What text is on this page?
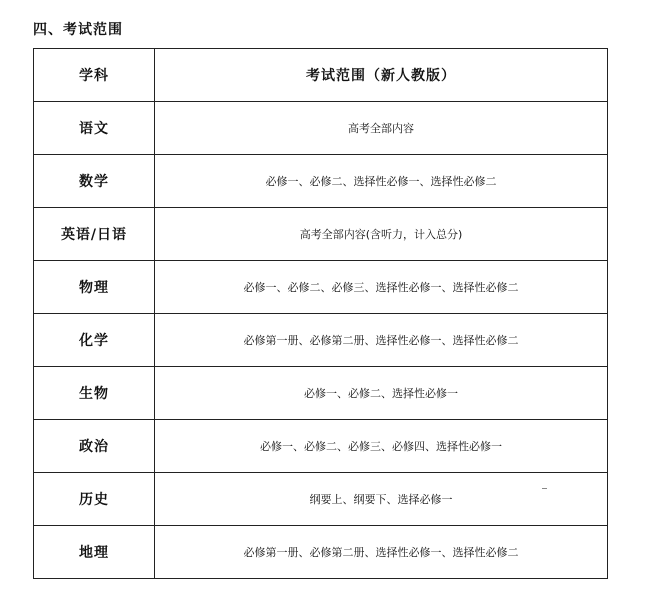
四、考试范围
学科	考试范围（新人教版）
语文	高考全部内容
数学	必修一、必修二、选择性必修一、选择性必修二
英语/日语	高考全部内容(含听力，计入总分)
物理	必修一、必修二、必修三、选择性必修一、选择性必修二
化学	必修第一册、必修第二册、选择性必修一、选择性必修二
生物	必修一、必修二、选择性必修一
政治	必修一、必修二、必修三、必修四、选择性必修一
历史	纲要上、纲要下、选择必修一
地理	必修第一册、必修第二册、选择性必修一、选择性必修二
